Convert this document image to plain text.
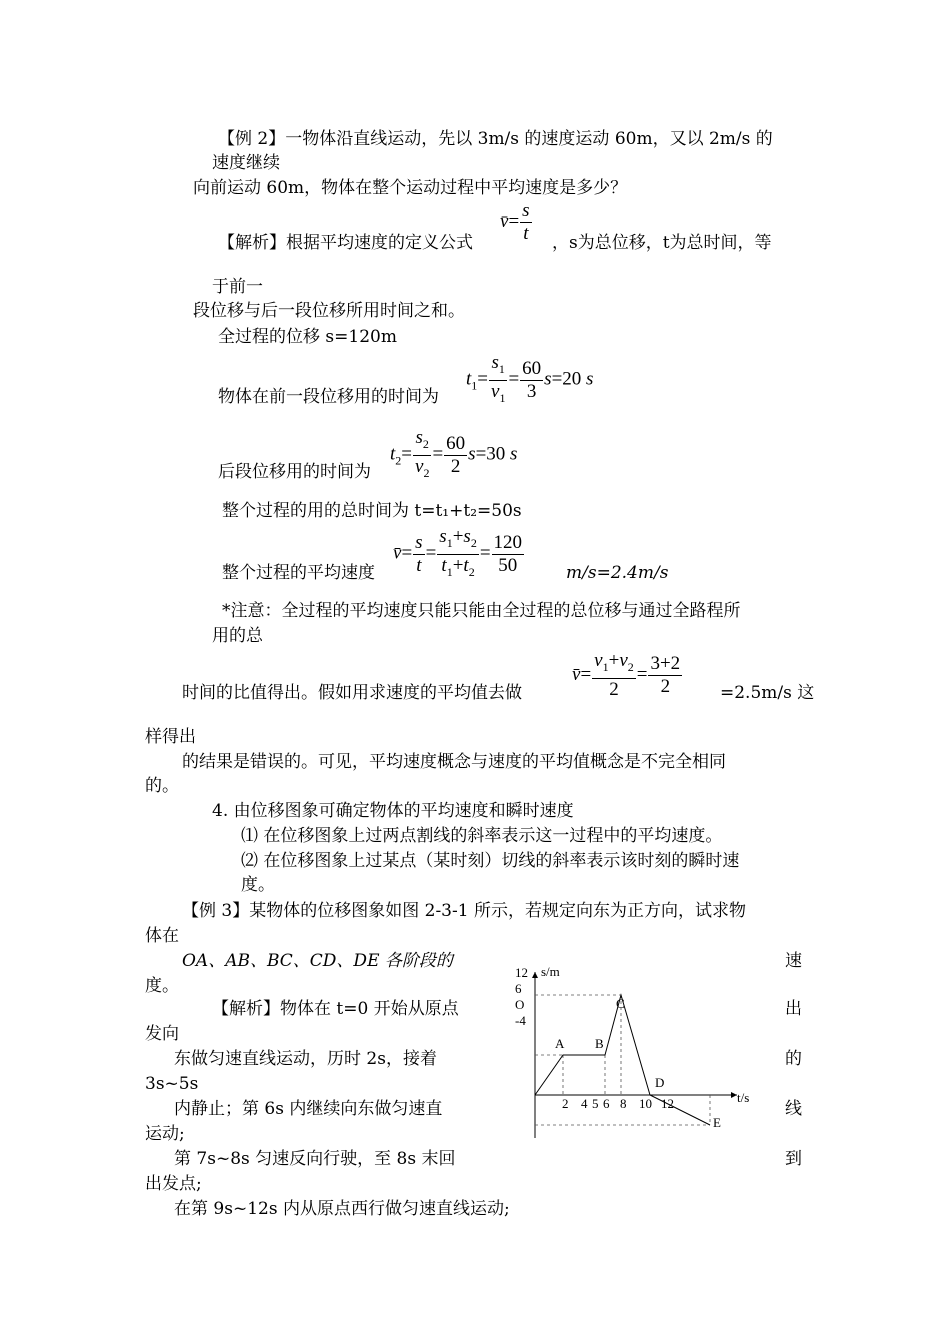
【例 2】一物体沿直线运动，先以 3m/s 的速度运动 60m，又以 2m/s 的
速度继续
向前运动 60m，物体在整个运动过程中平均速度是多少？
【解析】根据平均速度的定义公式
v̄= $\frac{s}{t}$ ，s为总位移，t为总时间，等
于前一
段位移与后一段位移所用时间之和。
全过程的位移 s=120m
$t_1= \frac{s_1}{v_1} = \frac{60}{3} s=20$ s
物体在前一段位移用的时间为
$t_2= \frac{s_2}{v_2} = \frac{60}{2} s=30$ s
后段位移用的时间为
整个过程的用的总时间为 t=t₁+t₂=50s
v̄= $\frac{s}{t} = \frac{s_1+s_2}{t_1+t_2} = \frac{120}{50}$
整个过程的平均速度	m/s=2.4m/s
*注意：全过程的平均速度只能只能由全过程的总位移与通过全路程所
用的总
时间的比值得出。假如用求速度的平均值去做
v̄= $\frac{v_1+v_2}{2} = \frac{3+2}{2} =2.5m/s$ 这
样得出
的结果是错误的。可见，平均速度概念与速度的平均值概念是不完全相同
的。
4. 由位移图象可确定物体的平均速度和瞬时速度
⑴ 在位移图象上过两点割线的斜率表示这一过程中的平均速度。
⑵ 在位移图象上过某点（某时刻）切线的斜率表示该时刻的瞬时速
度。
【例 3】某物体的位移图象如图 2-3-1 所示，若规定向东为正方向，试求物
体在
OA、AB、BC、CD、DE 各阶段的	速
度。
【解析】物体在 t=0 开始从原点	出
发向
东做匀速直线运动，历时 2s，接着	的
3s~5s
内静止；第 6s 内继续向东做匀速直	线
运动;
第 7s~8s 匀速反向行驶，至 8s 末回	到
出发点;
在第 9s~12s 内从原点西行做匀速直线运动;
s/m
t/s
12
6
O
-4
2 4 5 6 8 10 12
A B
C
D
E
